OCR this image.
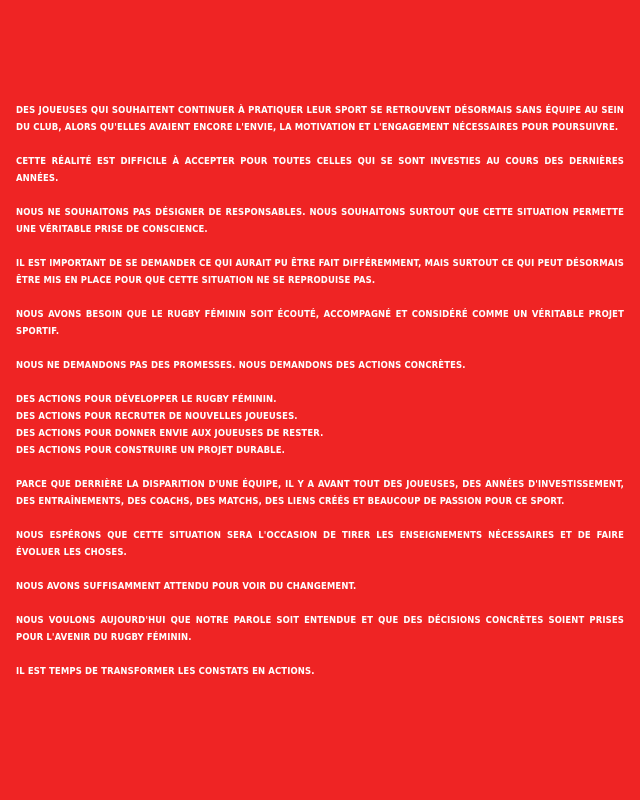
DES JOUEUSES QUI SOUHAITENT CONTINUER À PRATIQUER LEUR SPORT SE RETROUVENT DÉSORMAIS SANS ÉQUIPE AU SEIN DU CLUB, ALORS QU'ELLES AVAIENT ENCORE L'ENVIE, LA MOTIVATION ET L'ENGAGEMENT NÉCESSAIRES POUR POURSUIVRE.

CETTE RÉALITÉ EST DIFFICILE À ACCEPTER POUR TOUTES CELLES QUI SE SONT INVESTIES AU COURS DES DERNIÈRES ANNÉES.

NOUS NE SOUHAITONS PAS DÉSIGNER DE RESPONSABLES. NOUS SOUHAITONS SURTOUT QUE CETTE SITUATION PERMETTE UNE VÉRITABLE PRISE DE CONSCIENCE.

IL EST IMPORTANT DE SE DEMANDER CE QUI AURAIT PU ÊTRE FAIT DIFFÉREMMENT, MAIS SURTOUT CE QUI PEUT DÉSORMAIS ÊTRE MIS EN PLACE POUR QUE CETTE SITUATION NE SE REPRODUISE PAS.

NOUS AVONS BESOIN QUE LE RUGBY FÉMININ SOIT ÉCOUTÉ, ACCOMPAGNÉ ET CONSIDÉRÉ COMME UN VÉRITABLE PROJET SPORTIF.

NOUS NE DEMANDONS PAS DES PROMESSES. NOUS DEMANDONS DES ACTIONS CONCRÈTES.

DES ACTIONS POUR DÉVELOPPER LE RUGBY FÉMININ.

DES ACTIONS POUR RECRUTER DE NOUVELLES JOUEUSES.

DES ACTIONS POUR DONNER ENVIE AUX JOUEUSES DE RESTER.

DES ACTIONS POUR CONSTRUIRE UN PROJET DURABLE.

PARCE QUE DERRIÈRE LA DISPARITION D'UNE ÉQUIPE, IL Y A AVANT TOUT DES JOUEUSES, DES ANNÉES D'INVESTISSEMENT, DES ENTRAÎNEMENTS, DES COACHS, DES MATCHS, DES LIENS CRÉÉS ET BEAUCOUP DE PASSION POUR CE SPORT.

NOUS ESPÉRONS QUE CETTE SITUATION SERA L'OCCASION DE TIRER LES ENSEIGNEMENTS NÉCESSAIRES ET DE FAIRE ÉVOLUER LES CHOSES.

NOUS AVONS SUFFISAMMENT ATTENDU POUR VOIR DU CHANGEMENT.

NOUS VOULONS AUJOURD'HUI QUE NOTRE PAROLE SOIT ENTENDUE ET QUE DES DÉCISIONS CONCRÈTES SOIENT PRISES POUR L'AVENIR DU RUGBY FÉMININ.

IL EST TEMPS DE TRANSFORMER LES CONSTATS EN ACTIONS.
